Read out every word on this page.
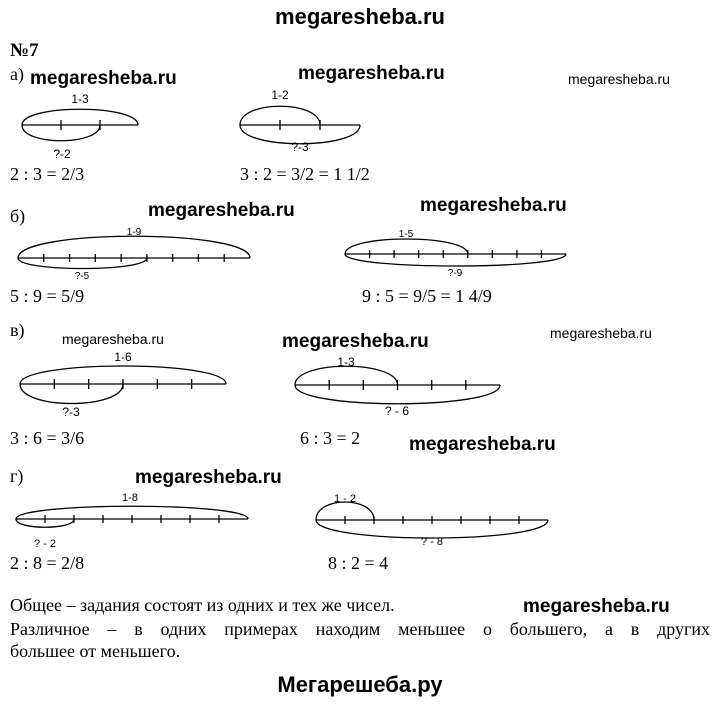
megaresheba.ru
№7
а) megaresheba.ru	megaresheba.ru	megaresheba.ru
1-3
?-2
1-2
?-3
1-9
?-5
1-5
?-9
1-6
?-3
1-3
? - 6
1-8
? - 2
1 - 2
? - 8
2 : 3 = 2/3	3 : 2 = 3/2 = 1 1/2
б)	megaresheba.ru	megaresheba.ru
5 : 9 = 5/9	9 : 5 = 9/5 = 1 4/9
в)	megaresheba.ru	megaresheba.ru	megaresheba.ru
3 : 6 = 3/6	6 : 3 = 2
г)	megaresheba.ru
megaresheba.ru
2 : 8 = 2/8	8 : 2 = 4
Общее – задания состоят из одних и тех же чисел.	megaresheba.ru
Различное – в одних примерах находим меньшее о большего, а в других
большее от меньшего.
Мегарешеба.ру
